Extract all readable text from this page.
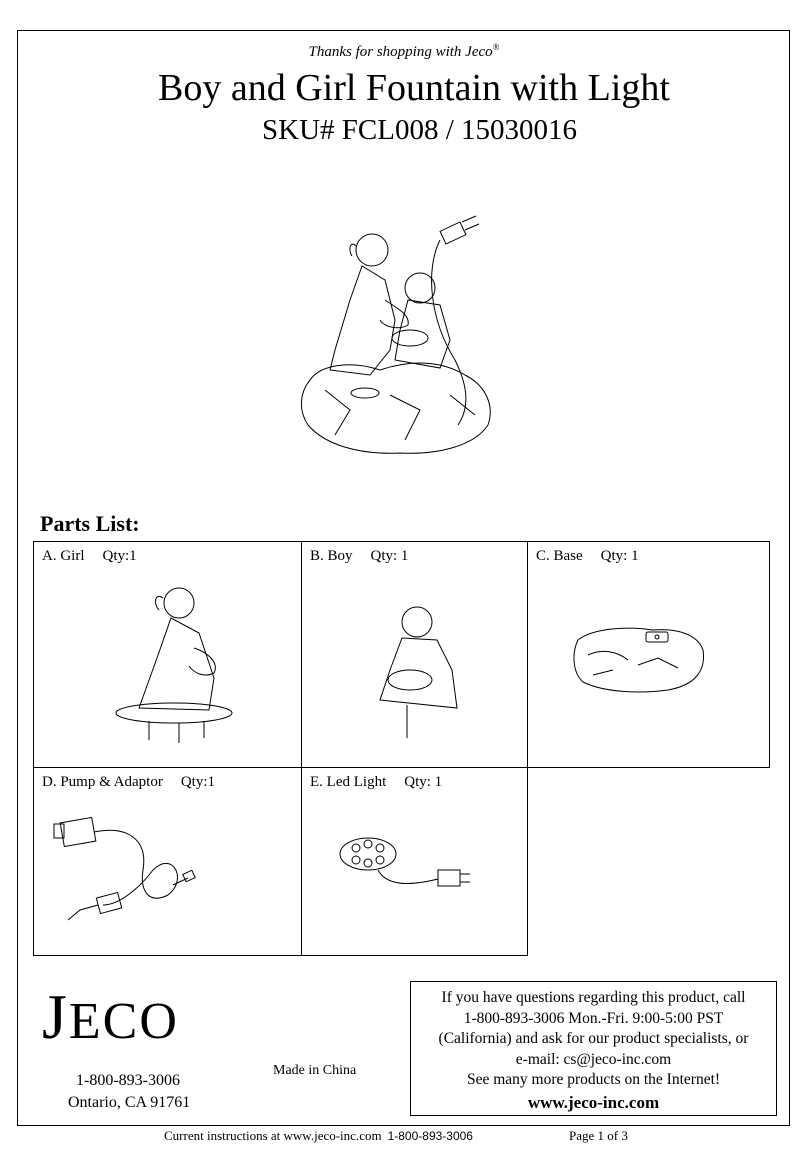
Thanks for shopping with Jeco®
Boy and Girl Fountain with Light
SKU# FCL008 / 15030016
Parts List:
A. Girl Qty:1	B. Boy Qty: 1	C. Base Qty: 1
D. Pump & Adaptor Qty:1	E. Led Light Qty: 1
JECO
1-800-893-3006
Ontario, CA 91761
Made in China
If you have questions regarding this product, call
1-800-893-3006 Mon.-Fri. 9:00-5:00 PST
(California) and ask for our product specialists, or
e-mail: cs@jeco-inc.com
See many more products on the Internet!
www.jeco-inc.com
Current instructions at www.jeco-inc.com 1-800-893-3006	Page 1 of 3
